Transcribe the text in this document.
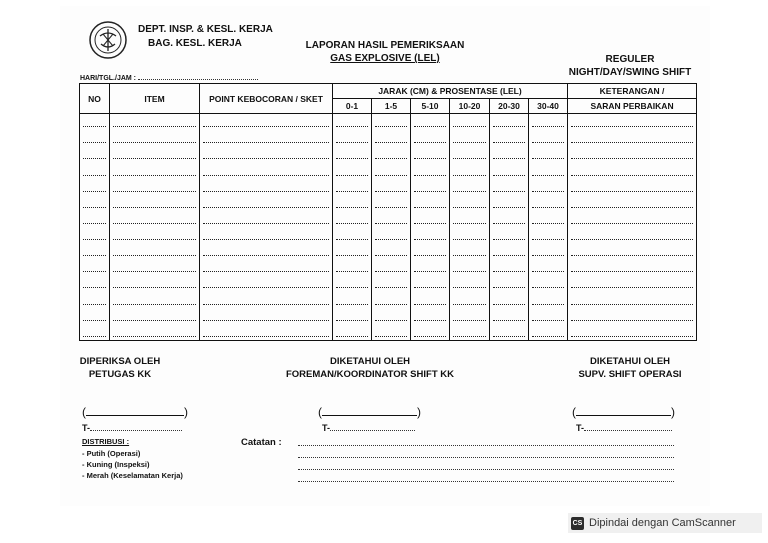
DEPT. INSP. & KESL. KERJA
BAG. KESL. KERJA	LAPORAN HASIL PEMERIKSAAN
GAS EXPLOSIVE (LEL)	REGULER
NIGHT/DAY/SWING SHIFT
HARI/TGL./JAM :
NO	ITEM	POINT KEBOCORAN / SKET	JARAK (CM) & PROSENTASE (LEL)						KETERANGAN /
			0-1	1-5	5-10	10-20	20-30	30-40	SARAN PERBAIKAN

DIPERIKSA OLEH
PETUGAS KK
DIKETAHUI OLEH
FOREMAN/KOORDINATOR SHIFT KK
DIKETAHUI OLEH
SUPV. SHIFT OPERASI
(	)	(	)	(	)
T-	T-	T-
DISTRIBUSI :
- Putih (Operasi)
- Kuning (Inspeksi)
- Merah (Keselamatan Kerja)
Catatan :
CS Dipindai dengan CamScanner
